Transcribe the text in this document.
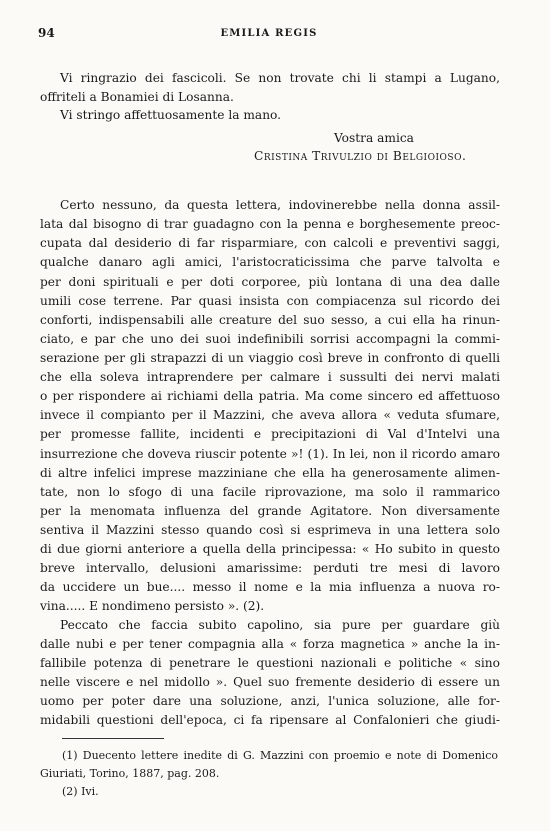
94	EMILIA REGIS
Vi ringrazio dei fascicoli. Se non trovate chi li stampi a Lugano,
offriteli a Bonamiei di Losanna.
Vi stringo affettuosamente la mano.
Vostra amica
Cristina Trivulzio di Belgioioso.
Certo nessuno, da questa lettera, indovinerebbe nella donna assil-
lata dal bisogno di trar guadagno con la penna e borghesemente preoc-
cupata dal desiderio di far risparmiare, con calcoli e preventivi saggi,
qualche danaro agli amici, l'aristocraticissima che parve talvolta e
per doni spirituali e per doti corporee, più lontana di una dea dalle
umili cose terrene. Par quasi insista con compiacenza sul ricordo dei
conforti, indispensabili alle creature del suo sesso, a cui ella ha rinun-
ciato, e par che uno dei suoi indefinibili sorrisi accompagni la commi-
serazione per gli strapazzi di un viaggio così breve in confronto di quelli
che ella soleva intraprendere per calmare i sussulti dei nervi malati
o per rispondere ai richiami della patria. Ma come sincero ed affettuoso
invece il compianto per il Mazzini, che aveva allora « veduta sfumare,
per promesse fallite, incidenti e precipitazioni di Val d'Intelvi una
insurrezione che doveva riuscir potente »! (1). In lei, non il ricordo amaro
di altre infelici imprese mazziniane che ella ha generosamente alimen-
tate, non lo sfogo di una facile riprovazione, ma solo il rammarico
per la menomata influenza del grande Agitatore. Non diversamente
sentiva il Mazzini stesso quando così si esprimeva in una lettera solo
di due giorni anteriore a quella della principessa: « Ho subito in questo
breve intervallo, delusioni amarissime: perduti tre mesi di lavoro
da uccidere un bue.... messo il nome e la mia influenza a nuova ro-
vina..... E nondimeno persisto ». (2).
Peccato che faccia subito capolino, sia pure per guardare giù
dalle nubi e per tener compagnia alla « forza magnetica » anche la in-
fallibile potenza di penetrare le questioni nazionali e politiche « sino
nelle viscere e nel midollo ». Quel suo fremente desiderio di essere un
uomo per poter dare una soluzione, anzi, l'unica soluzione, alle for-
midabili questioni dell'epoca, ci fa ripensare al Confalonieri che giudi-
(1) Duecento lettere inedite di G. Mazzini con proemio e note di Domenico
Giuriati, Torino, 1887, pag. 208.
(2) Ivi.
